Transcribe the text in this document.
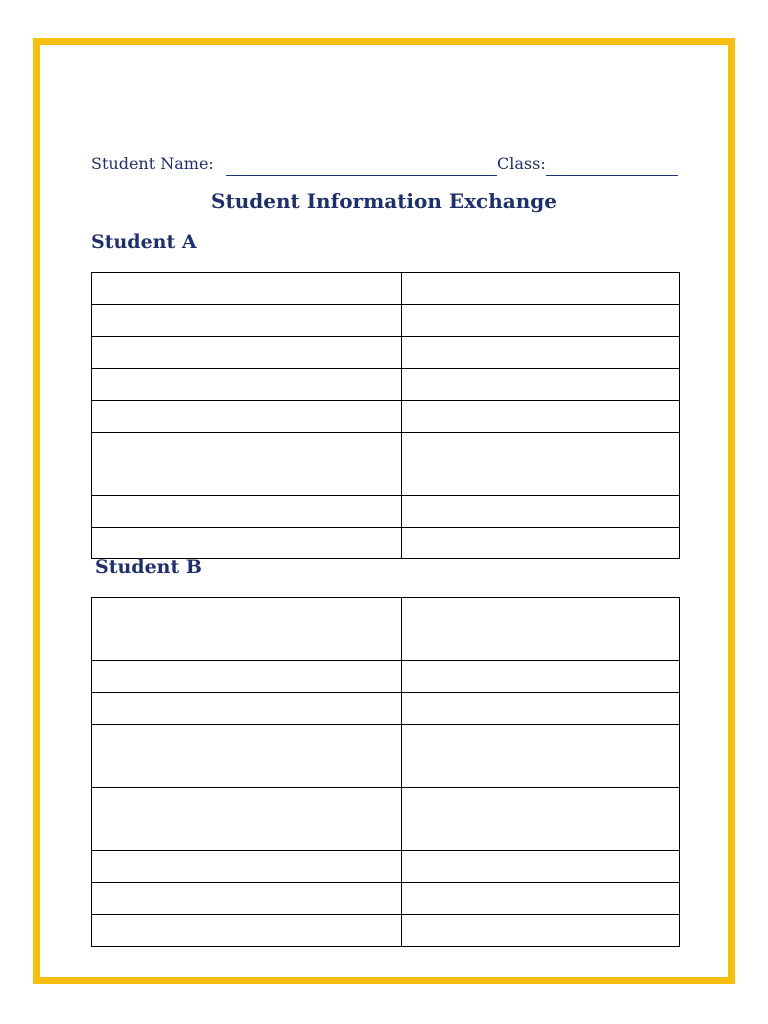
Student Name:	Class:
Student Information Exchange
Student A

Student B
